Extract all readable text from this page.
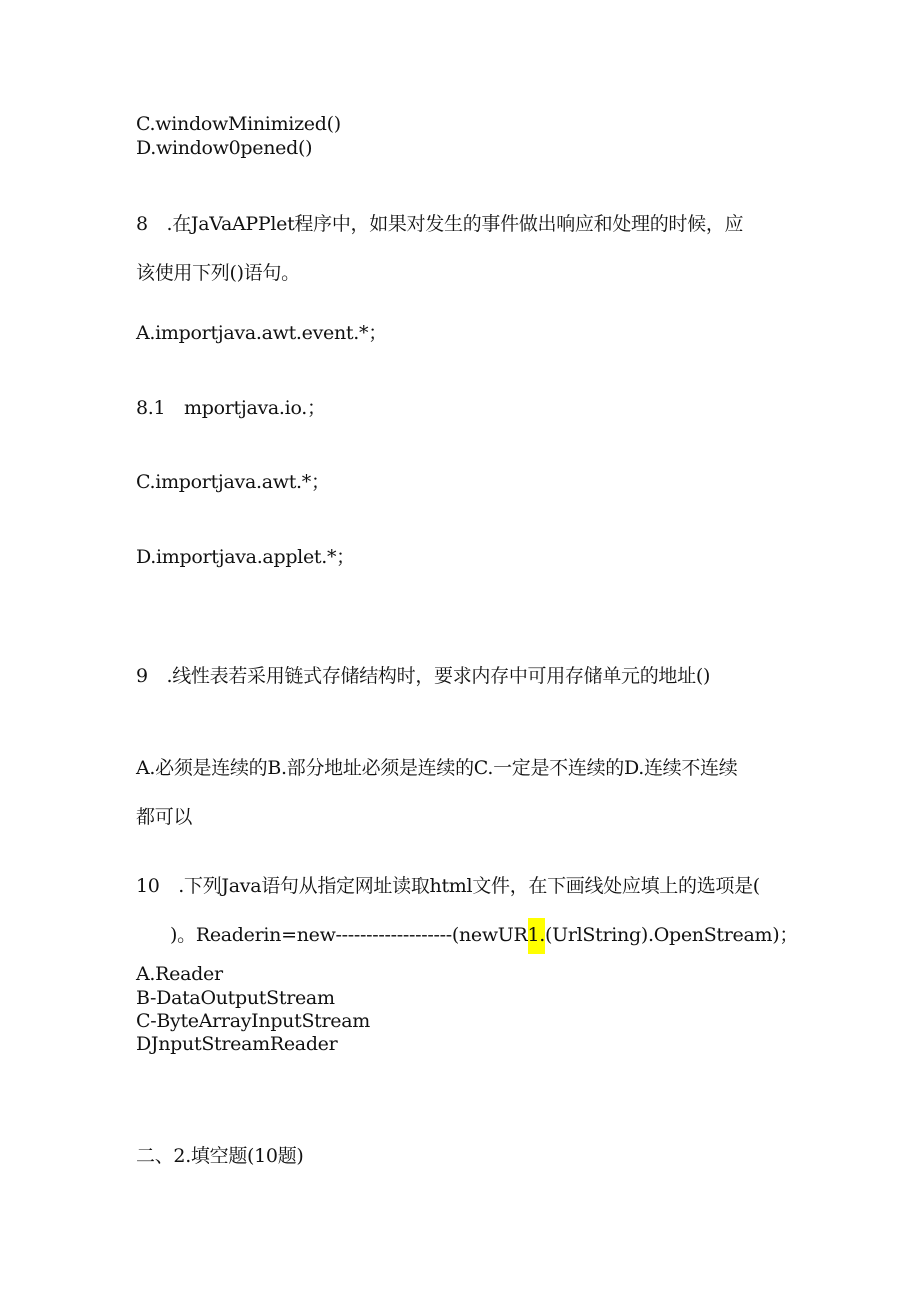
C.windowMinimized()
D.window0pened()
8　.在JaVaAPPlet程序中，如果对发生的事件做出响应和处理的时候，应
该使用下列()语句。
A.importjava.awt.event.*；
8.1　mportjava.io.；
C.importjava.awt.*；
D.importjava.applet.*；
9　.线性表若采用链式存储结构时，要求内存中可用存储单元的地址()
A.必须是连续的B.部分地址必须是连续的C.一定是不连续的D.连续不连续
都可以
10　.下列Java语句从指定网址读取html文件，在下画线处应填上的选项是(
)。Readerin=new-------------------(newUR1.(UrlString).OpenStream)；
A.Reader
B-DataOutputStream
C-ByteArrayInputStream
DJnputStreamReader
二、2.填空题(10题)
